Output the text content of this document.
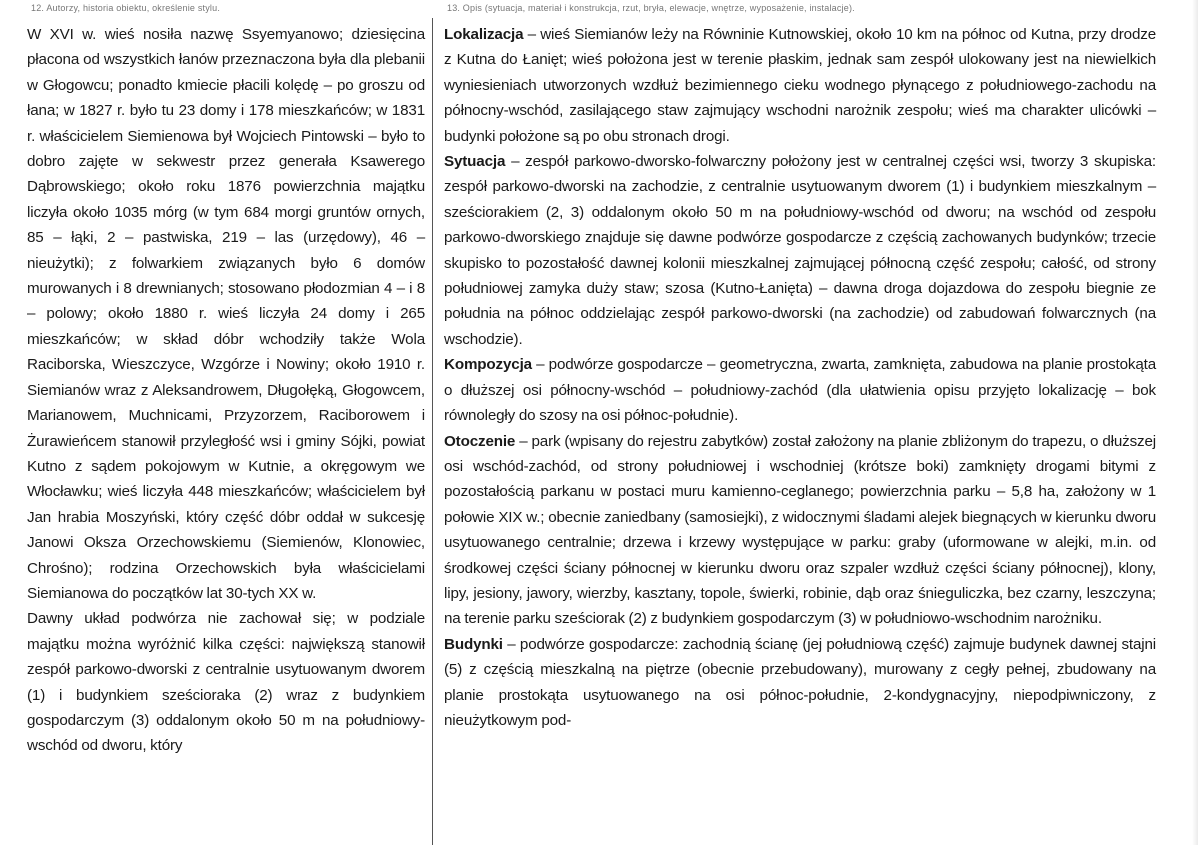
12. Autorzy, historia obiektu, określenie stylu.	13. Opis (sytuacja, materiał i konstrukcja, rzut, bryła, elewacje, wnętrze, wyposażenie, instalacje).

W XVI w. wieś nosiła nazwę Ssyemyanowo; dziesięcina płacona od wszystkich łanów przeznaczona była dla plebanii w Głogowcu; ponadto kmiecie płacili kolędę – po groszu od łana; w 1827 r. było tu 23 domy i 178 mieszkańców; w 1831 r. właścicielem Siemienowa był Wojciech Pintowski – było to dobro zajęte w sekwestr przez generała Ksawerego Dąbrowskiego; około roku 1876 powierzchnia majątku liczyła około 1035 mórg (w tym 684 morgi gruntów ornych, 85 – łąki, 2 – pastwiska, 219 – las (urzędowy), 46 – nieużytki); z folwarkiem związanych było 6 domów murowanych i 8 drewnianych; stosowano płodozmian 4 – i 8 – polowy; około 1880 r. wieś liczyła 24 domy i 265 mieszkańców; w skład dóbr wchodziły także Wola Raciborska, Wieszczyce, Wzgórze i Nowiny; około 1910 r. Siemianów wraz z Aleksandrowem, Długołęką, Głogowcem, Marianowem, Muchnicami, Przyzorzem, Raciborowem i Żurawieńcem stanowił przyległość wsi i gminy Sójki, powiat Kutno z sądem pokojowym w Kutnie, a okręgowym we Włocławku; wieś liczyła 448 mieszkańców; właścicielem był Jan hrabia Moszyński, który część dóbr oddał w sukcesję Janowi Oksza Orzechowskiemu (Siemienów, Klonowiec, Chrośno); rodzina Orzechowskich była właścicielami Siemianowa do początków lat 30-tych XX w.

Dawny układ podwórza nie zachował się; w podziale majątku można wyróżnić kilka części: największą stanowił zespół parkowo-dworski z centralnie usytuowanym dworem (1) i budynkiem sześcioraka (2) wraz z budynkiem gospodarczym (3) oddalonym około 50 m na południowy-wschód od dworu, który

Lokalizacja – wieś Siemianów leży na Równinie Kutnowskiej, około 10 km na północ od Kutna, przy drodze z Kutna do Łanięt; wieś położona jest w terenie płaskim, jednak sam zespół ulokowany jest na niewielkich wyniesieniach utworzonych wzdłuż bezimiennego cieku wodnego płynącego z południowego-zachodu na północny-wschód, zasilającego staw zajmujący wschodni narożnik zespołu; wieś ma charakter ulicówki – budynki położone są po obu stronach drogi.

Sytuacja – zespół parkowo-dworsko-folwarczny położony jest w centralnej części wsi, tworzy 3 skupiska: zespół parkowo-dworski na zachodzie, z centralnie usytuowanym dworem (1) i budynkiem mieszkalnym – sześciorakiem (2, 3) oddalonym około 50 m na południowy-wschód od dworu; na wschód od zespołu parkowo-dworskiego znajduje się dawne podwórze gospodarcze z częścią zachowanych budynków; trzecie skupisko to pozostałość dawnej kolonii mieszkalnej zajmującej północną część zespołu; całość, od strony południowej zamyka duży staw; szosa (Kutno-Łanięta) – dawna droga dojazdowa do zespołu biegnie ze południa na północ oddzielając zespół parkowo-dworski (na zachodzie) od zabudowań folwarcznych (na wschodzie).

Kompozycja – podwórze gospodarcze – geometryczna, zwarta, zamknięta, zabudowa na planie prostokąta o dłuższej osi północny-wschód – południowy-zachód (dla ułatwienia opisu przyjęto lokalizację – bok równoległy do szosy na osi północ-południe).

Otoczenie – park (wpisany do rejestru zabytków) został założony na planie zbliżonym do trapezu, o dłuższej osi wschód-zachód, od strony południowej i wschodniej (krótsze boki) zamknięty drogami bitymi z pozostałością parkanu w postaci muru kamienno-ceglanego; powierzchnia parku – 5,8 ha, założony w 1 połowie XIX w.; obecnie zaniedbany (samosiejki), z widocznymi śladami alejek biegnących w kierunku dworu usytuowanego centralnie; drzewa i krzewy występujące w parku: graby (uformowane w alejki, m.in. od środkowej części ściany północnej w kierunku dworu oraz szpaler wzdłuż części ściany północnej), klony, lipy, jesiony, jawory, wierzby, kasztany, topole, świerki, robinie, dąb oraz śnieguliczka, bez czarny, leszczyna; na terenie parku sześciorak (2) z budynkiem gospodarczym (3) w południowo-wschodnim narożniku.

Budynki – podwórze gospodarcze: zachodnią ścianę (jej południową część) zajmuje budynek dawnej stajni (5) z częścią mieszkalną na piętrze (obecnie przebudowany), murowany z cegły pełnej, zbudowany na planie prostokąta usytuowanego na osi północ-południe, 2-kondygnacyjny, niepodpiwniczony, z nieużytkowym pod-
